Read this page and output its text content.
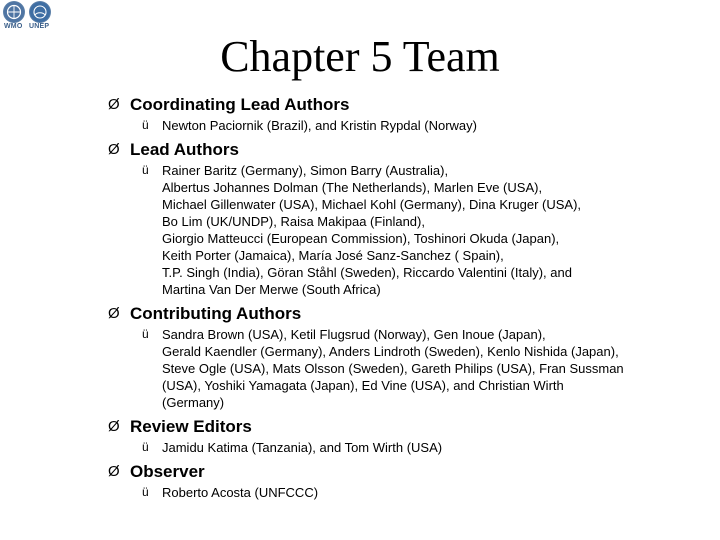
WMO UNEP
Chapter 5 Team
Ø Coordinating Lead Authors
ü Newton Paciornik (Brazil), and Kristin Rypdal (Norway)
Ø Lead Authors
ü Rainer Baritz (Germany), Simon Barry (Australia),
Albertus Johannes Dolman (The Netherlands), Marlen Eve (USA),
Michael Gillenwater (USA), Michael Kohl (Germany), Dina Kruger (USA),
Bo Lim (UK/UNDP), Raisa Makipaa (Finland),
Giorgio Matteucci (European Commission), Toshinori Okuda (Japan),
Keith Porter (Jamaica), María José Sanz-Sanchez ( Spain),
T.P. Singh (India), Göran Ståhl (Sweden), Riccardo Valentini (Italy), and
Martina Van Der Merwe (South Africa)
Ø Contributing Authors
ü Sandra Brown (USA), Ketil Flugsrud (Norway), Gen Inoue (Japan),
Gerald Kaendler (Germany), Anders Lindroth (Sweden), Kenlo Nishida (Japan),
Steve Ogle (USA), Mats Olsson (Sweden), Gareth Philips (USA), Fran Sussman
(USA), Yoshiki Yamagata (Japan), Ed Vine (USA), and Christian Wirth
(Germany)
Ø Review Editors
ü Jamidu Katima (Tanzania), and Tom Wirth (USA)
Ø Observer
ü Roberto Acosta (UNFCCC)
